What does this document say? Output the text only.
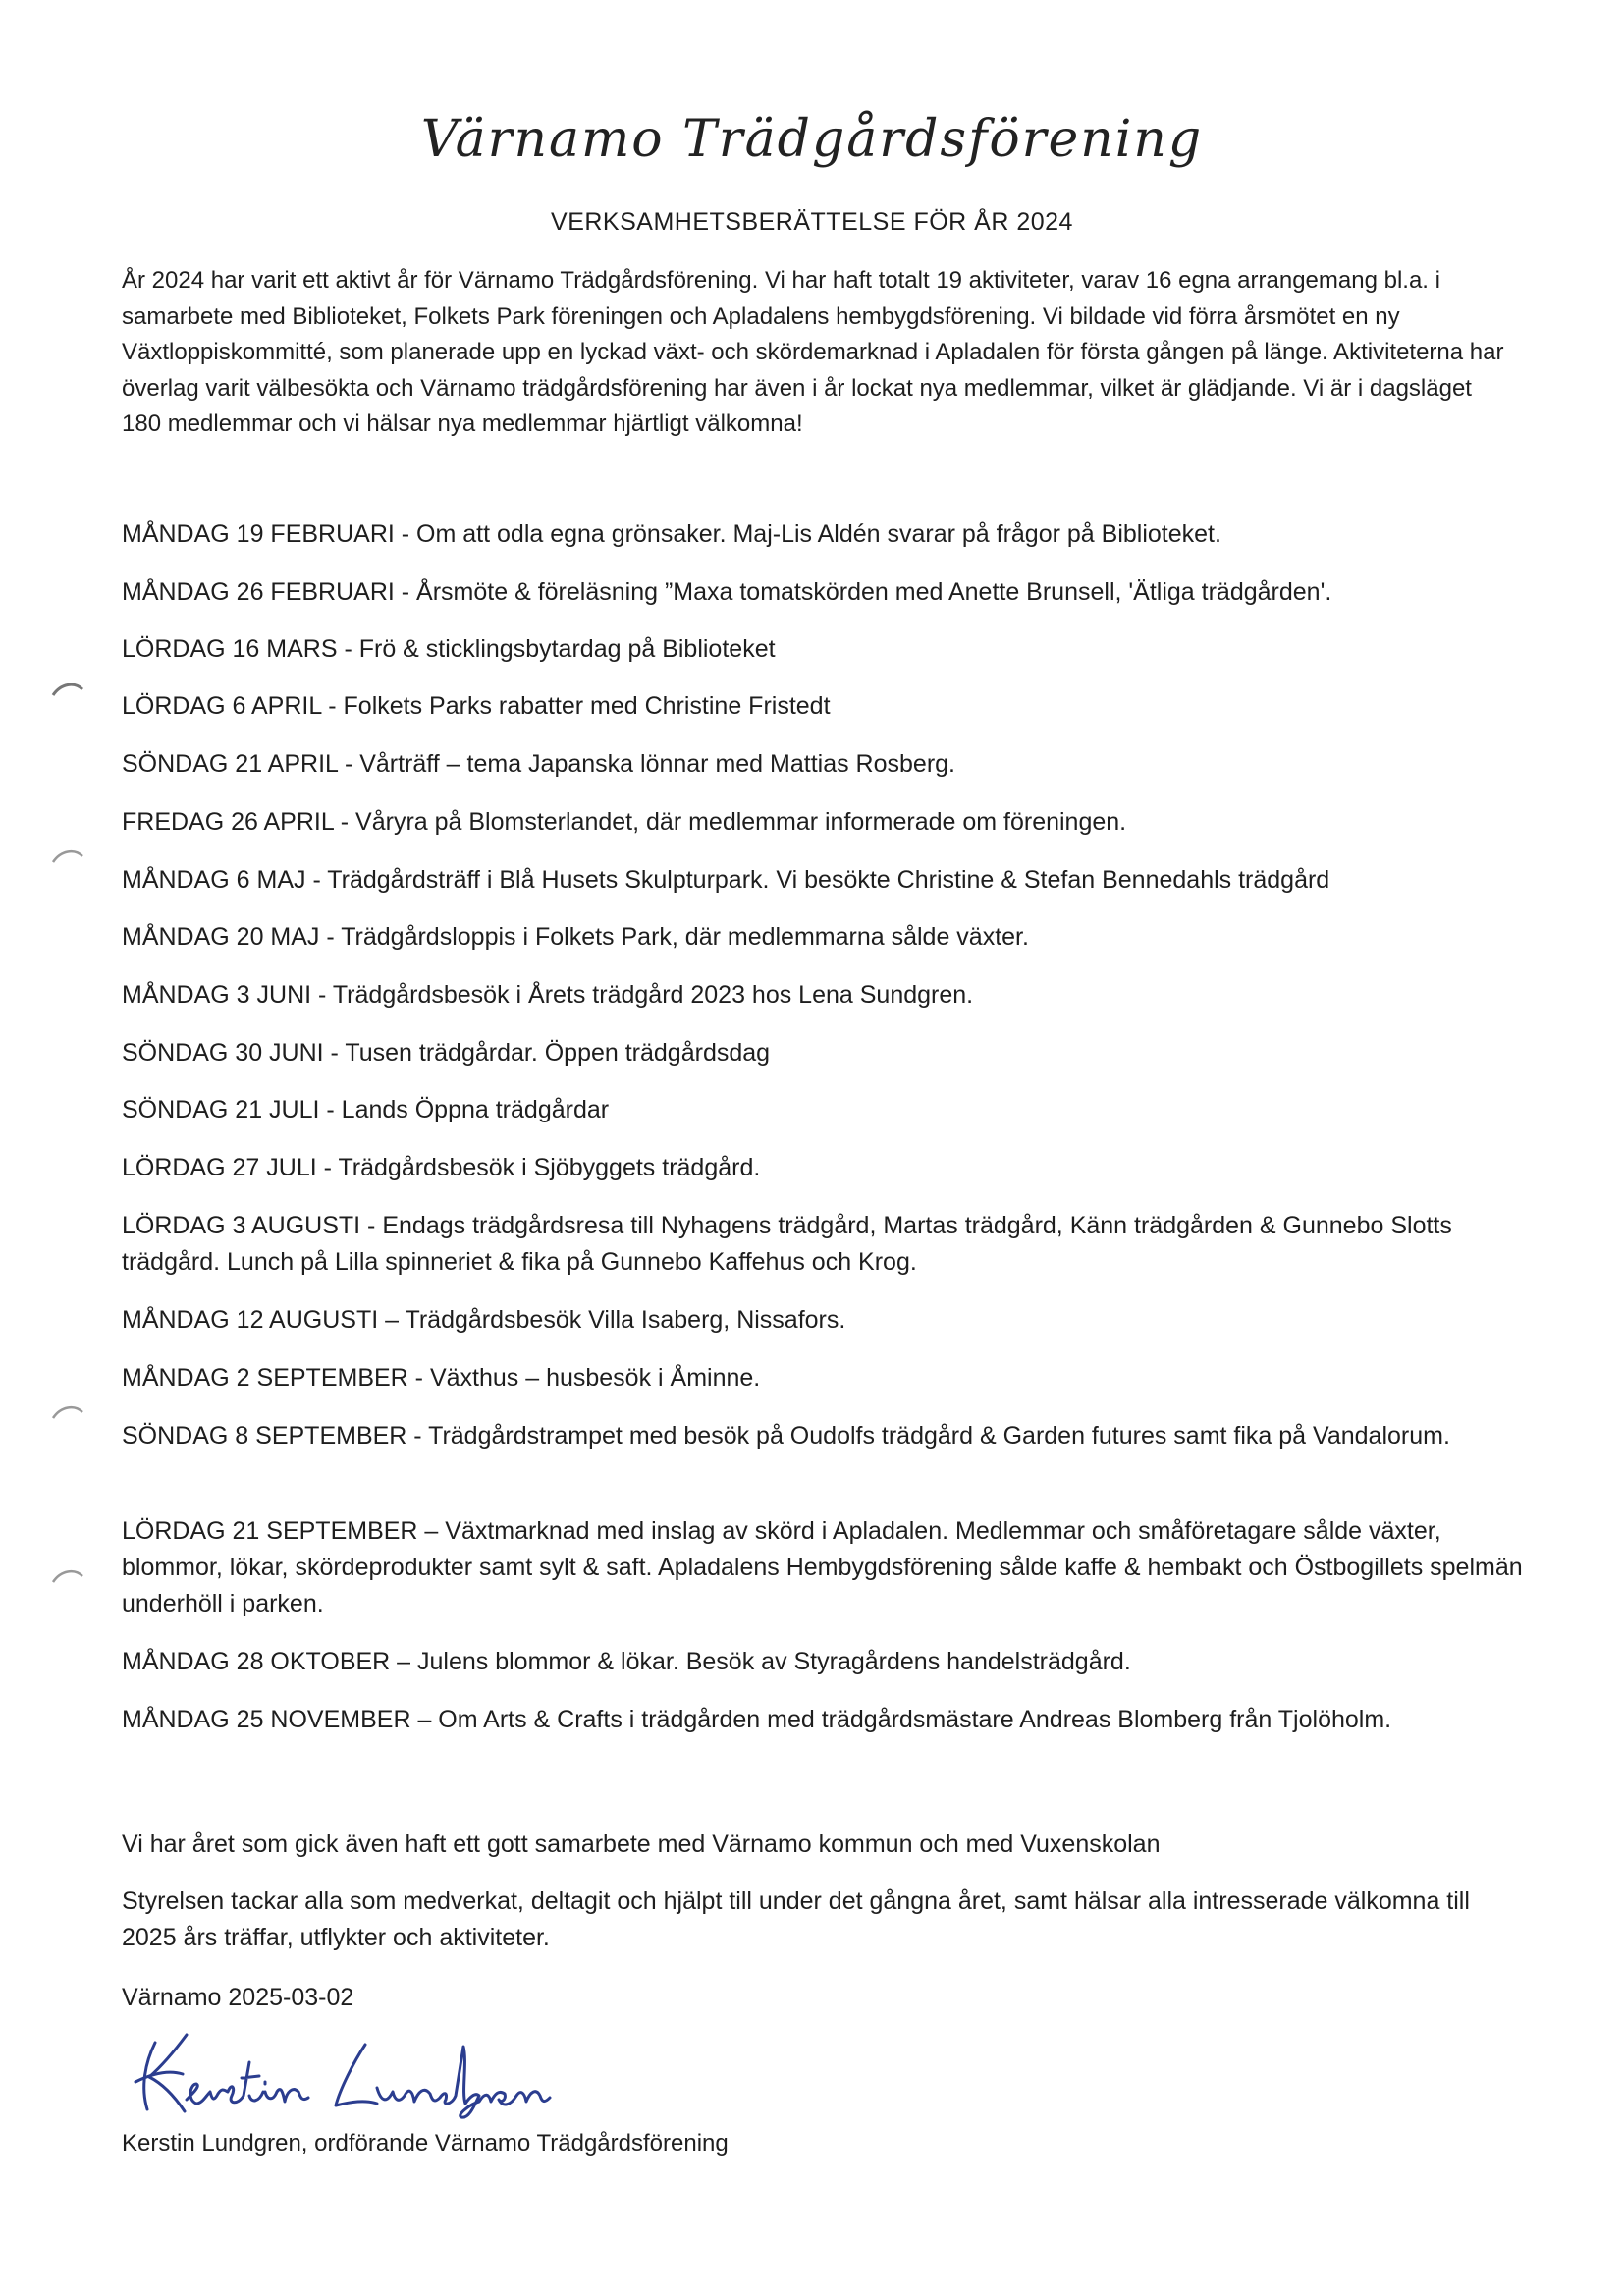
Värnamo Trädgårdsförening
VERKSAMHETSBERÄTTELSE FÖR ÅR 2024

År 2024 har varit ett aktivt år för Värnamo Trädgårdsförening. Vi har haft totalt 19 aktiviteter, varav 16 egna arrangemang bl.a. i samarbete med Biblioteket, Folkets Park föreningen och Apladalens hembygdsförening. Vi bildade vid förra årsmötet en ny Växtloppiskommitté, som planerade upp en lyckad växt- och skördemarknad i Apladalen för första gången på länge. Aktiviteterna har överlag varit välbesökta och Värnamo trädgårdsförening har även i år lockat nya medlemmar, vilket är glädjande. Vi är i dagsläget 180 medlemmar och vi hälsar nya medlemmar hjärtligt välkomna!

MÅNDAG 19 FEBRUARI - Om att odla egna grönsaker. Maj-Lis Aldén svarar på frågor på Biblioteket.
MÅNDAG 26 FEBRUARI - Årsmöte & föreläsning ”Maxa tomatskörden med Anette Brunsell, 'Ätliga trädgården'.
LÖRDAG 16 MARS - Frö & sticklingsbytardag på Biblioteket
LÖRDAG 6 APRIL - Folkets Parks rabatter med Christine Fristedt
SÖNDAG 21 APRIL - Vårträff – tema Japanska lönnar med Mattias Rosberg.
FREDAG 26 APRIL - Våryra på Blomsterlandet, där medlemmar informerade om föreningen.
MÅNDAG 6 MAJ - Trädgårdsträff i Blå Husets Skulpturpark. Vi besökte Christine & Stefan Bennedahls trädgård
MÅNDAG 20 MAJ - Trädgårdsloppis i Folkets Park, där medlemmarna sålde växter.
MÅNDAG 3 JUNI - Trädgårdsbesök i Årets trädgård 2023 hos Lena Sundgren.
SÖNDAG 30 JUNI - Tusen trädgårdar. Öppen trädgårdsdag
SÖNDAG 21 JULI - Lands Öppna trädgårdar
LÖRDAG 27 JULI - Trädgårdsbesök i Sjöbyggets trädgård.
LÖRDAG 3 AUGUSTI - Endags trädgårdsresa till Nyhagens trädgård, Martas trädgård, Känn trädgården & Gunnebo Slotts trädgård. Lunch på Lilla spinneriet & fika på Gunnebo Kaffehus och Krog.
MÅNDAG 12 AUGUSTI – Trädgårdsbesök Villa Isaberg, Nissafors.
MÅNDAG 2 SEPTEMBER - Växthus – husbesök i Åminne.
SÖNDAG 8 SEPTEMBER - Trädgårdstrampet med besök på Oudolfs trädgård & Garden futures samt fika på Vandalorum.
LÖRDAG 21 SEPTEMBER – Växtmarknad med inslag av skörd i Apladalen. Medlemmar och småföretagare sålde växter, blommor, lökar, skördeprodukter samt sylt & saft. Apladalens Hembygdsförening sålde kaffe & hembakt och Östbogillets spelmän underhöll i parken.
MÅNDAG 28 OKTOBER – Julens blommor & lökar. Besök av Styragårdens handelsträdgård.
MÅNDAG 25 NOVEMBER – Om Arts & Crafts i trädgården med trädgårdsmästare Andreas Blomberg från Tjolöholm.

Vi har året som gick även haft ett gott samarbete med Värnamo kommun och med Vuxenskolan

Styrelsen tackar alla som medverkat, deltagit och hjälpt till under det gångna året, samt hälsar alla intresserade välkomna till 2025 års träffar, utflykter och aktiviteter.

Värnamo 2025-03-02

Kerstin Lundgren, ordförande Värnamo Trädgårdsförening
